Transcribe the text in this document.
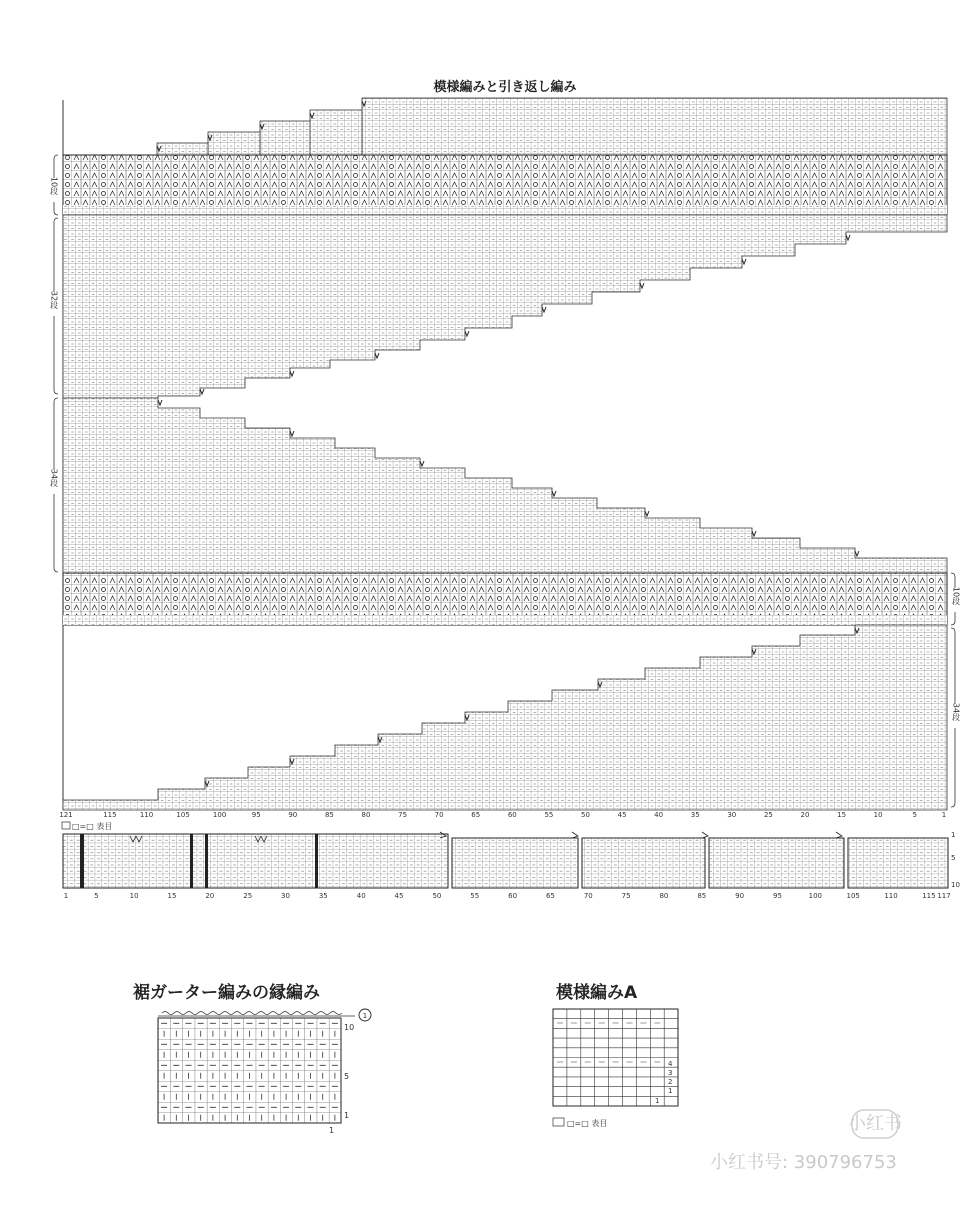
模様編みと引き返し編み
10段
32段
34段
10段
34段
121	115	110	105	100	95	90	85	80	75	70	65	60	55	50	45	40	35	30	25	20	15	10	5	1
□=□ 表目
1	5	10	15	20	25	30	35	40	45	50	55	60	65	70	75	80	85	90	95	100	105	110	115 117
1
5
10
裾ガーター編みの縁編み
1
10
5
1
1
模様編みA
4
3
2
1
1
□=□ 表目	小红书
小红书号: 390796753
